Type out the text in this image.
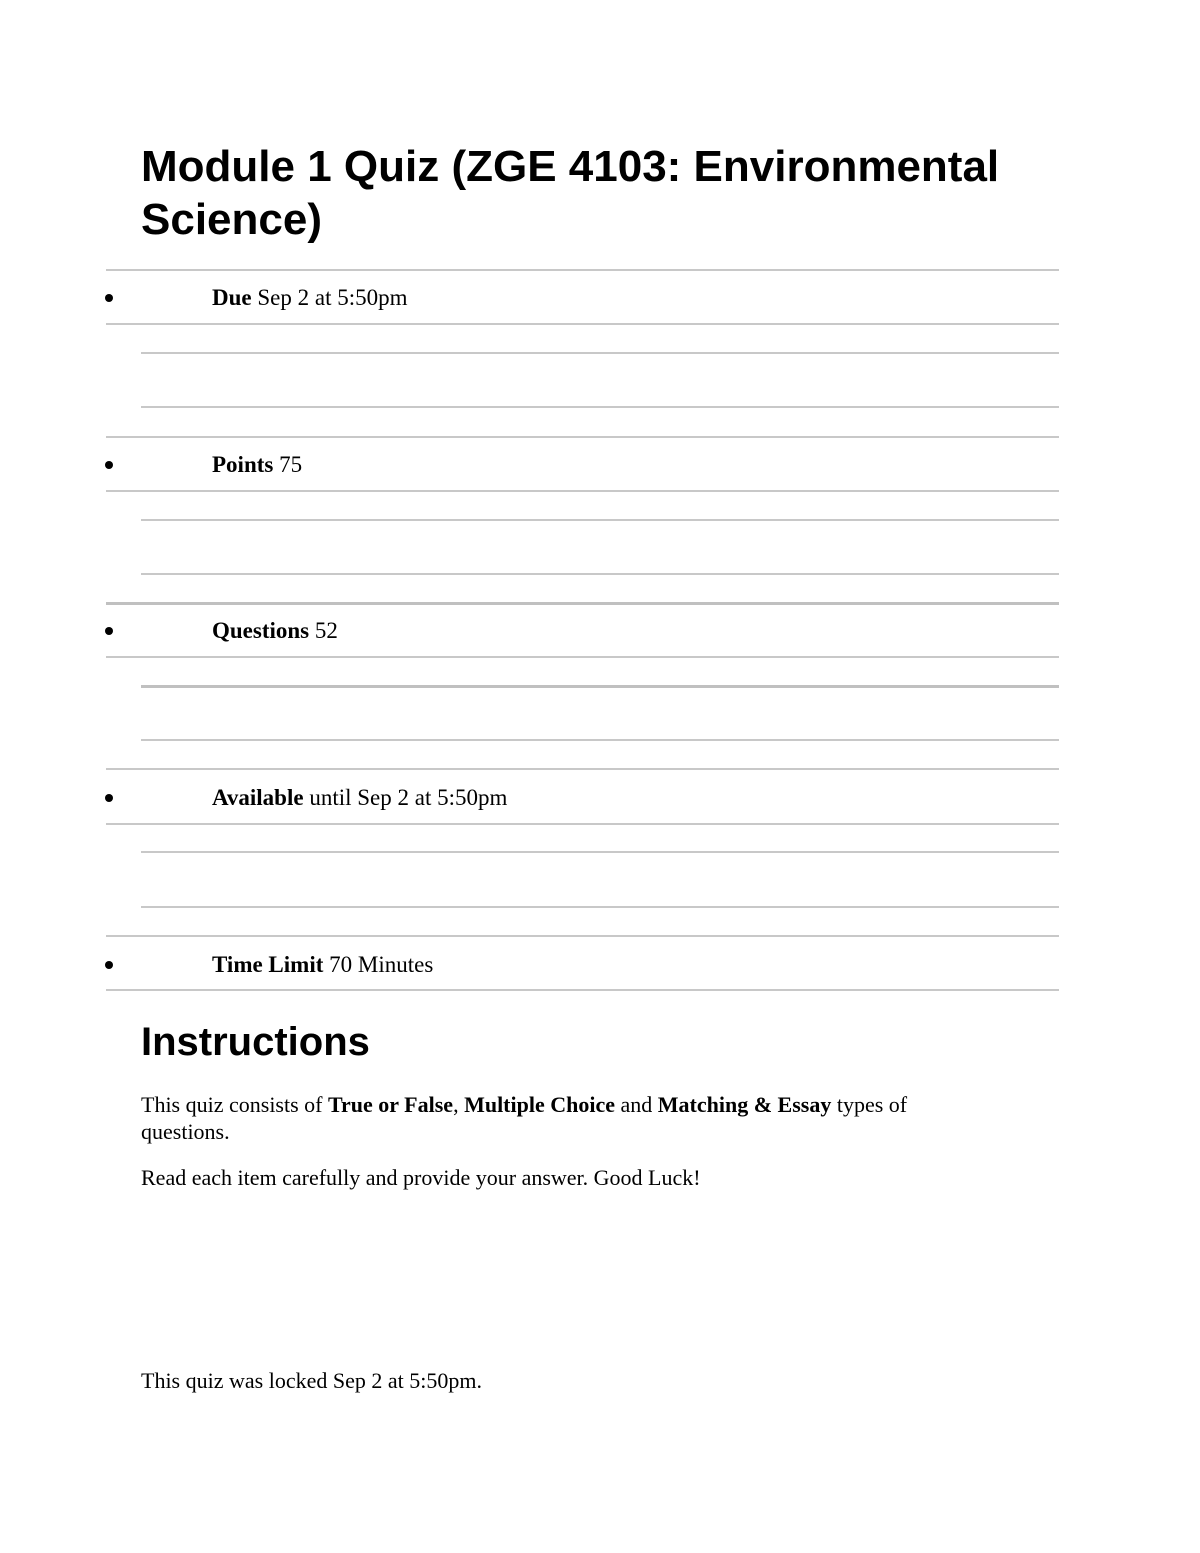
Module 1 Quiz (ZGE 4103: Environmental Science)
Due Sep 2 at 5:50pm
Points 75
Questions 52
Available until Sep 2 at 5:50pm
Time Limit 70 Minutes
Instructions

This quiz consists of True or False, Multiple Choice and Matching & Essay types of questions.

Read each item carefully and provide your answer. Good Luck!

This quiz was locked Sep 2 at 5:50pm.
